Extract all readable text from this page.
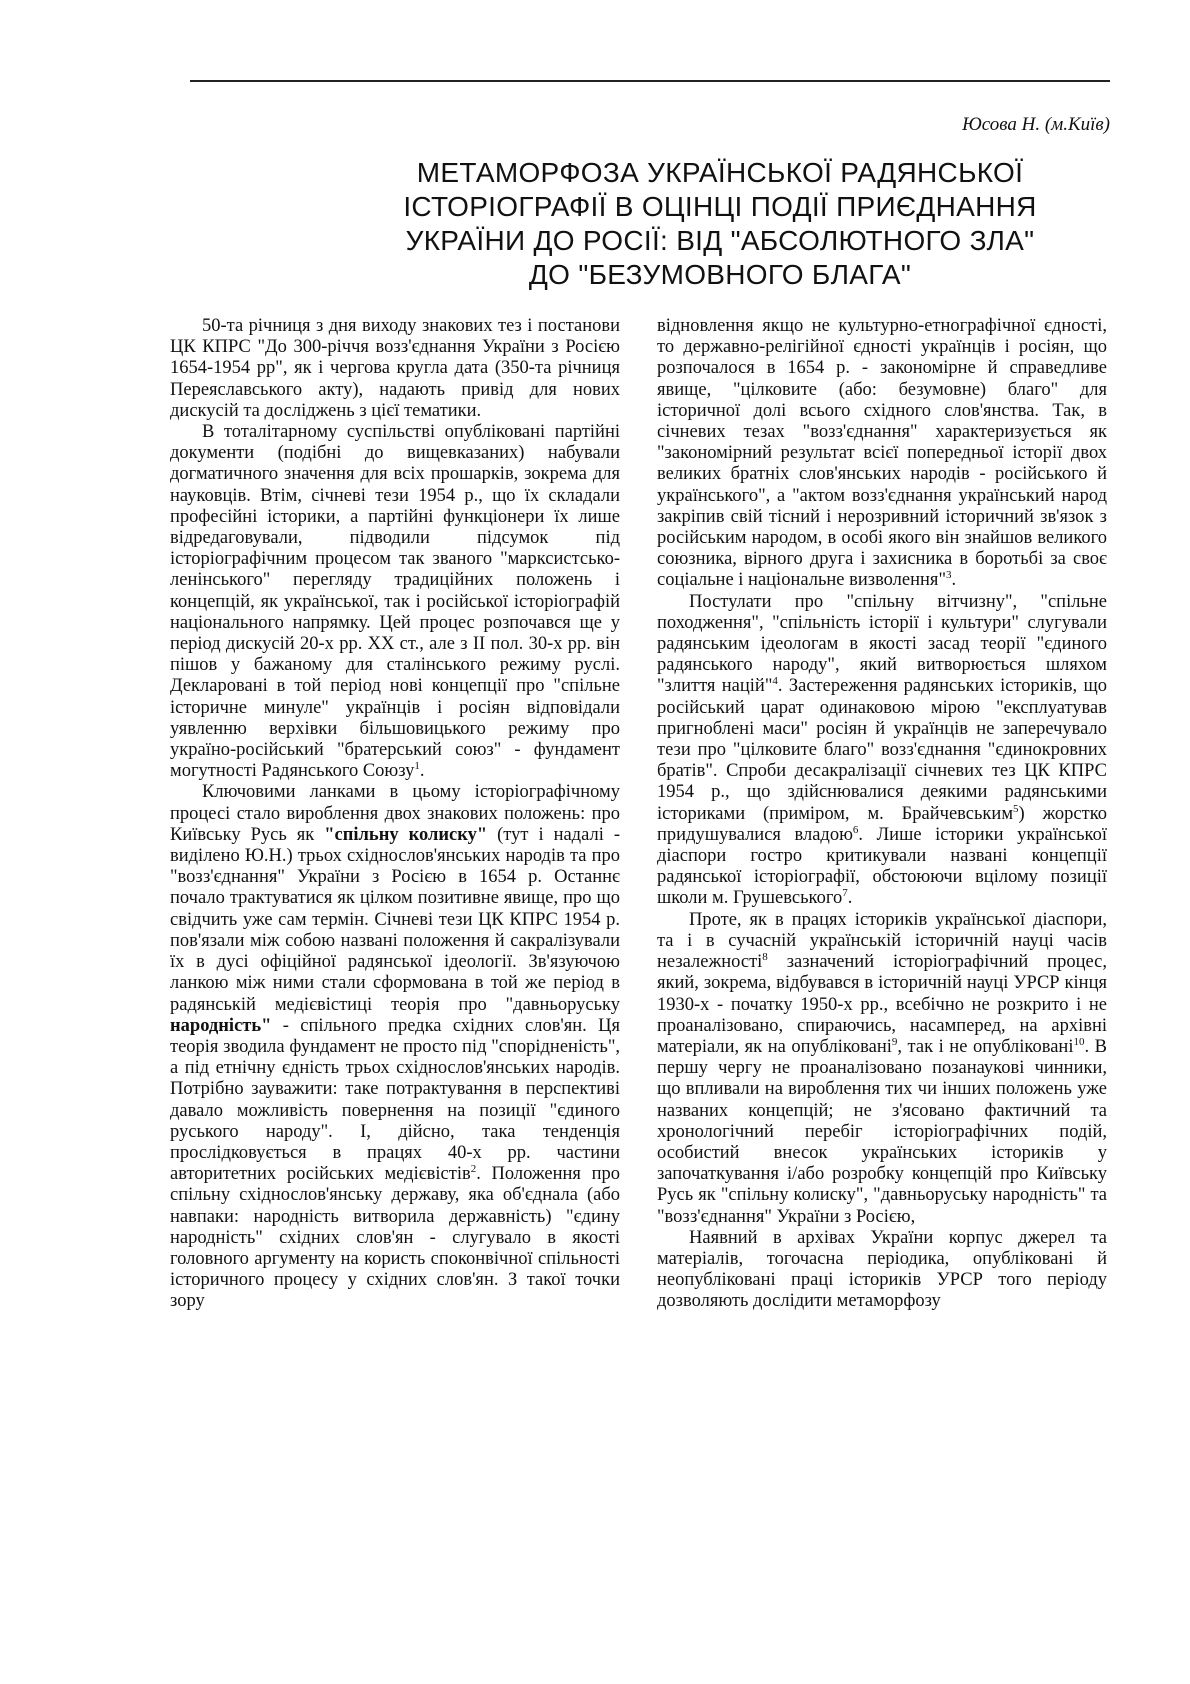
Юсова Н. (м.Київ)
МЕТАМОРФОЗА УКРАЇНСЬКОЇ РАДЯНСЬКОЇ
ІСТОРІОГРАФІЇ В ОЦІНЦІ ПОДІЇ ПРИЄДНАННЯ
УКРАЇНИ ДО РОСІЇ: ВІД "АБСОЛЮТНОГО ЗЛА"
ДО "БЕЗУМОВНОГО БЛАГА"

50-та річниця з дня виходу знакових тез і постанови ЦК КПРС "До 300-річчя возз'єднання України з Росією 1654-1954 рр", як і чергова кругла дата (350-та річниця Переяславського акту), надають привід для нових дискусій та досліджень з цієї тематики.

В тоталітарному суспільстві опубліковані партійні документи (подібні до вищевказаних) набували догматичного значення для всіх прошарків, зокрема для науковців. Втім, січневі тези 1954 р., що їх складали професійні історики, а партійні функціонери їх лише відредаговували, підводили підсумок під історіографічним процесом так званого "марксистсько-ленінського" перегляду традиційних положень і концепцій, як української, так і російської історіографій національного напрямку. Цей процес розпочався ще у період дискусій 20-х рр. XX ст., але з II пол. 30-х рр. він пішов у бажаному для сталінського режиму руслі. Декларовані в той період нові концепції про "спільне історичне минуле" українців і росіян відповідали уявленню верхівки більшовицького режиму про україно-російський "братерський союз" - фундамент могутності Радянського Союзу$^1$.

Ключовими ланками в цьому історіографічному процесі стало вироблення двох знакових положень: про Київську Русь як "спільну колиску" (тут і надалі - виділено Ю.Н.) трьох східнослов'янських народів та про "возз'єднання" України з Росією в 1654 р. Останнє почало трактуватися як цілком позитивне явище, про що свідчить уже сам термін. Січневі тези ЦК КПРС 1954 р. пов'язали між собою названі положення й сакралізували їх в дусі офіційної радянської ідеології. Зв'язуючою ланкою між ними стали сформована в той же період в радянській медієвістиці теорія про "давньоруську народність" - спільного предка східних слов'ян. Ця теорія зводила фундамент не просто під "спорідненість", а під етнічну єдність трьох східнослов'янських народів. Потрібно зауважити: таке потрактування в перспективі давало можливість повернення на позиції "єдиного руського народу". І, дійсно, така тенденція прослідковується в працях 40-х рр. частини авторитетних російських медієвістів$^2$. Положення про спільну східнослов'янську державу, яка об'єднала (або навпаки: народність витворила державність) "єдину народність" східних слов'ян - слугувало в якості головного аргументу на користь споконвічної спільності історичного процесу у східних слов'ян. З такої точки зору

відновлення якщо не культурно-етнографічної єдності, то державно-релігійної єдності українців і росіян, що розпочалося в 1654 р. - закономірне й справедливе явище, "цілковите (або: безумовне) благо" для історичної долі всього східного слов'янства. Так, в січневих тезах "возз'єднання" характеризується як "закономірний результат всієї попередньої історії двох великих братніх слов'янських народів - російського й українського", а "актом возз'єднання український народ закріпив свій тісний і нерозривний історичний зв'язок з російським народом, в особі якого він знайшов великого союзника, вірного друга і захисника в боротьбі за своє соціальне і національне визволення"$^3$.

Постулати про "спільну вітчизну", "спільне походження", "спільність історії і культури" слугували радянським ідеологам в якості засад теорії "єдиного радянського народу", який витворюється шляхом "злиття націй"$^4$. Застереження радянських істориків, що російський царат одинаковою мірою "експлуатував пригноблені маси" росіян й українців не заперечувало тези про "цілковите благо" возз'єднання "єдинокровних братів". Спроби десакралізації січневих тез ЦК КПРС 1954 р., що здійснювалися деякими радянськими істориками (приміром, м. Брайчевським$^5$) жорстко придушувалися владою$^6$. Лише історики української діаспори гостро критикували названі концепції радянської історіографії, обстоюючи вцілому позиції школи м. Грушевського$^7$.

Проте, як в працях істориків української діаспори, та і в сучасній українській історичній науці часів незалежності$^8$ зазначений історіографічний процес, який, зокрема, відбувався в історичній науці УРСР кінця 1930-х - початку 1950-х рр., всебічно не розкрито і не проаналізовано, спираючись, насамперед, на архівні матеріали, як на опубліковані$^9$, так і не опубліковані$^{10}$. В першу чергу не проаналізовано позанаукові чинники, що впливали на вироблення тих чи інших положень уже названих концепцій; не з'ясовано фактичний та хронологічний перебіг історіографічних подій, особистий внесок українських істориків у започаткування і/або розробку концепцій про Київську Русь як "спільну колиску", "давньоруську народність" та "возз'єднання" України з Росією,

Наявний в архівах України корпус джерел та матеріалів, тогочасна періодика, опубліковані й неопубліковані праці істориків УРСР того періоду дозволяють дослідити метаморфозу
